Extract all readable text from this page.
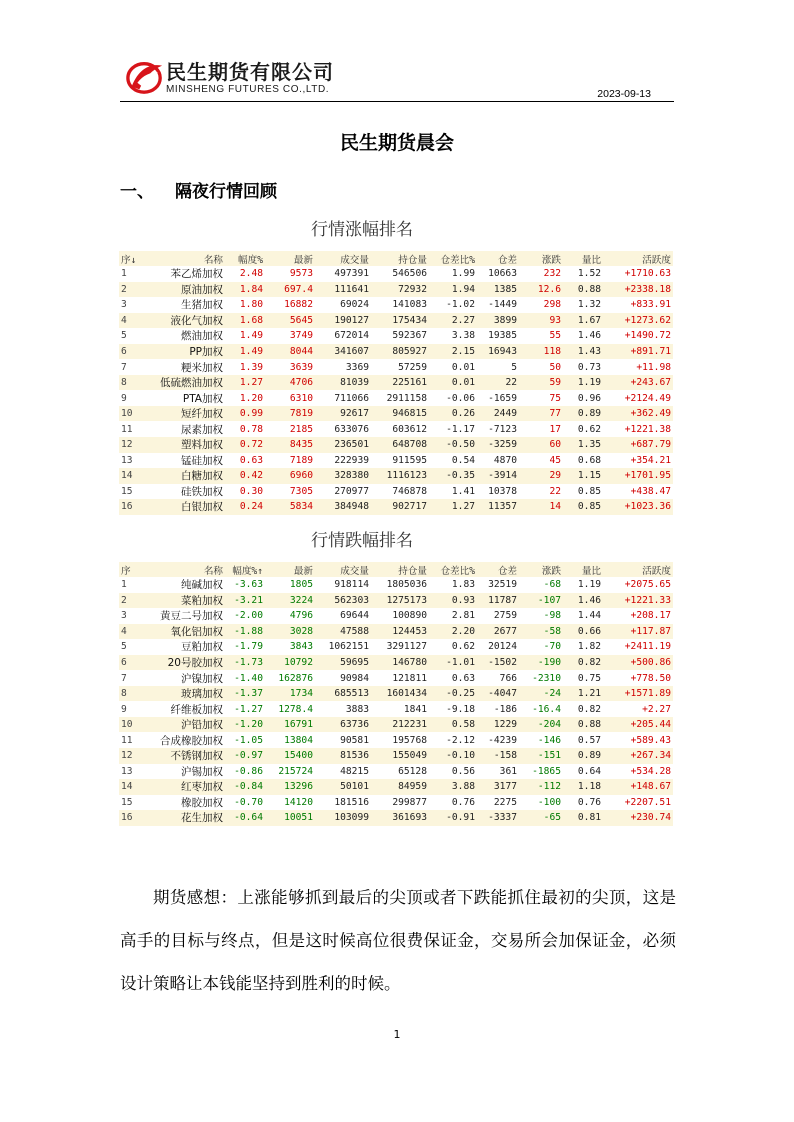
民生期货有限公司
MINSHENG FUTURES CO.,LTD.	2023-09-13
民生期货晨会
一、 隔夜行情回顾
行情涨幅排名
序↓	名称	幅度%	最新	成交量	持仓量	仓差比%	仓差	涨跌	量比	活跃度
1	苯乙烯加权	2.48	9573	497391	546506	1.99	10663	232	1.52	+1710.63
2	原油加权	1.84	697.4	111641	72932	1.94	1385	12.6	0.88	+2338.18
3	生猪加权	1.80	16882	69024	141083	-1.02	-1449	298	1.32	+833.91
4	液化气加权	1.68	5645	190127	175434	2.27	3899	93	1.67	+1273.62
5	燃油加权	1.49	3749	672014	592367	3.38	19385	55	1.46	+1490.72
6	PP加权	1.49	8044	341607	805927	2.15	16943	118	1.43	+891.71
7	粳米加权	1.39	3639	3369	57259	0.01	5	50	0.73	+11.98
8	低硫燃油加权	1.27	4706	81039	225161	0.01	22	59	1.19	+243.67
9	PTA加权	1.20	6310	711066	2911158	-0.06	-1659	75	0.96	+2124.49
10	短纤加权	0.99	7819	92617	946815	0.26	2449	77	0.89	+362.49
11	尿素加权	0.78	2185	633076	603612	-1.17	-7123	17	0.62	+1221.38
12	塑料加权	0.72	8435	236501	648708	-0.50	-3259	60	1.35	+687.79
13	锰硅加权	0.63	7189	222939	911595	0.54	4870	45	0.68	+354.21
14	白糖加权	0.42	6960	328380	1116123	-0.35	-3914	29	1.15	+1701.95
15	硅铁加权	0.30	7305	270977	746878	1.41	10378	22	0.85	+438.47
16	白银加权	0.24	5834	384948	902717	1.27	11357	14	0.85	+1023.36
行情跌幅排名
序	名称	幅度%↑	最新	成交量	持仓量	仓差比%	仓差	涨跌	量比	活跃度
1	纯碱加权	-3.63	1805	918114	1805036	1.83	32519	-68	1.19	+2075.65
2	菜粕加权	-3.21	3224	562303	1275173	0.93	11787	-107	1.46	+1221.33
3	黄豆二号加权	-2.00	4796	69644	100890	2.81	2759	-98	1.44	+208.17
4	氧化铝加权	-1.88	3028	47588	124453	2.20	2677	-58	0.66	+117.87
5	豆粕加权	-1.79	3843	1062151	3291127	0.62	20124	-70	1.82	+2411.19
6	20号胶加权	-1.73	10792	59695	146780	-1.01	-1502	-190	0.82	+500.86
7	沪镍加权	-1.40	162876	90984	121811	0.63	766	-2310	0.75	+778.50
8	玻璃加权	-1.37	1734	685513	1601434	-0.25	-4047	-24	1.21	+1571.89
9	纤维板加权	-1.27	1278.4	3883	1841	-9.18	-186	-16.4	0.82	+2.27
10	沪铅加权	-1.20	16791	63736	212231	0.58	1229	-204	0.88	+205.44
11	合成橡胶加权	-1.05	13804	90581	195768	-2.12	-4239	-146	0.57	+589.43
12	不锈钢加权	-0.97	15400	81536	155049	-0.10	-158	-151	0.89	+267.34
13	沪锡加权	-0.86	215724	48215	65128	0.56	361	-1865	0.64	+534.28
14	红枣加权	-0.84	13296	50101	84959	3.88	3177	-112	1.18	+148.67
15	橡胶加权	-0.70	14120	181516	299877	0.76	2275	-100	0.76	+2207.51
16	花生加权	-0.64	10051	103099	361693	-0.91	-3337	-65	0.81	+230.74
期货感想：上涨能够抓到最后的尖顶或者下跌能抓住最初的尖顶，这是高手的目标与终点，但是这时候高位很费保证金，交易所会加保证金，必须设计策略让本钱能坚持到胜利的时候。
1
